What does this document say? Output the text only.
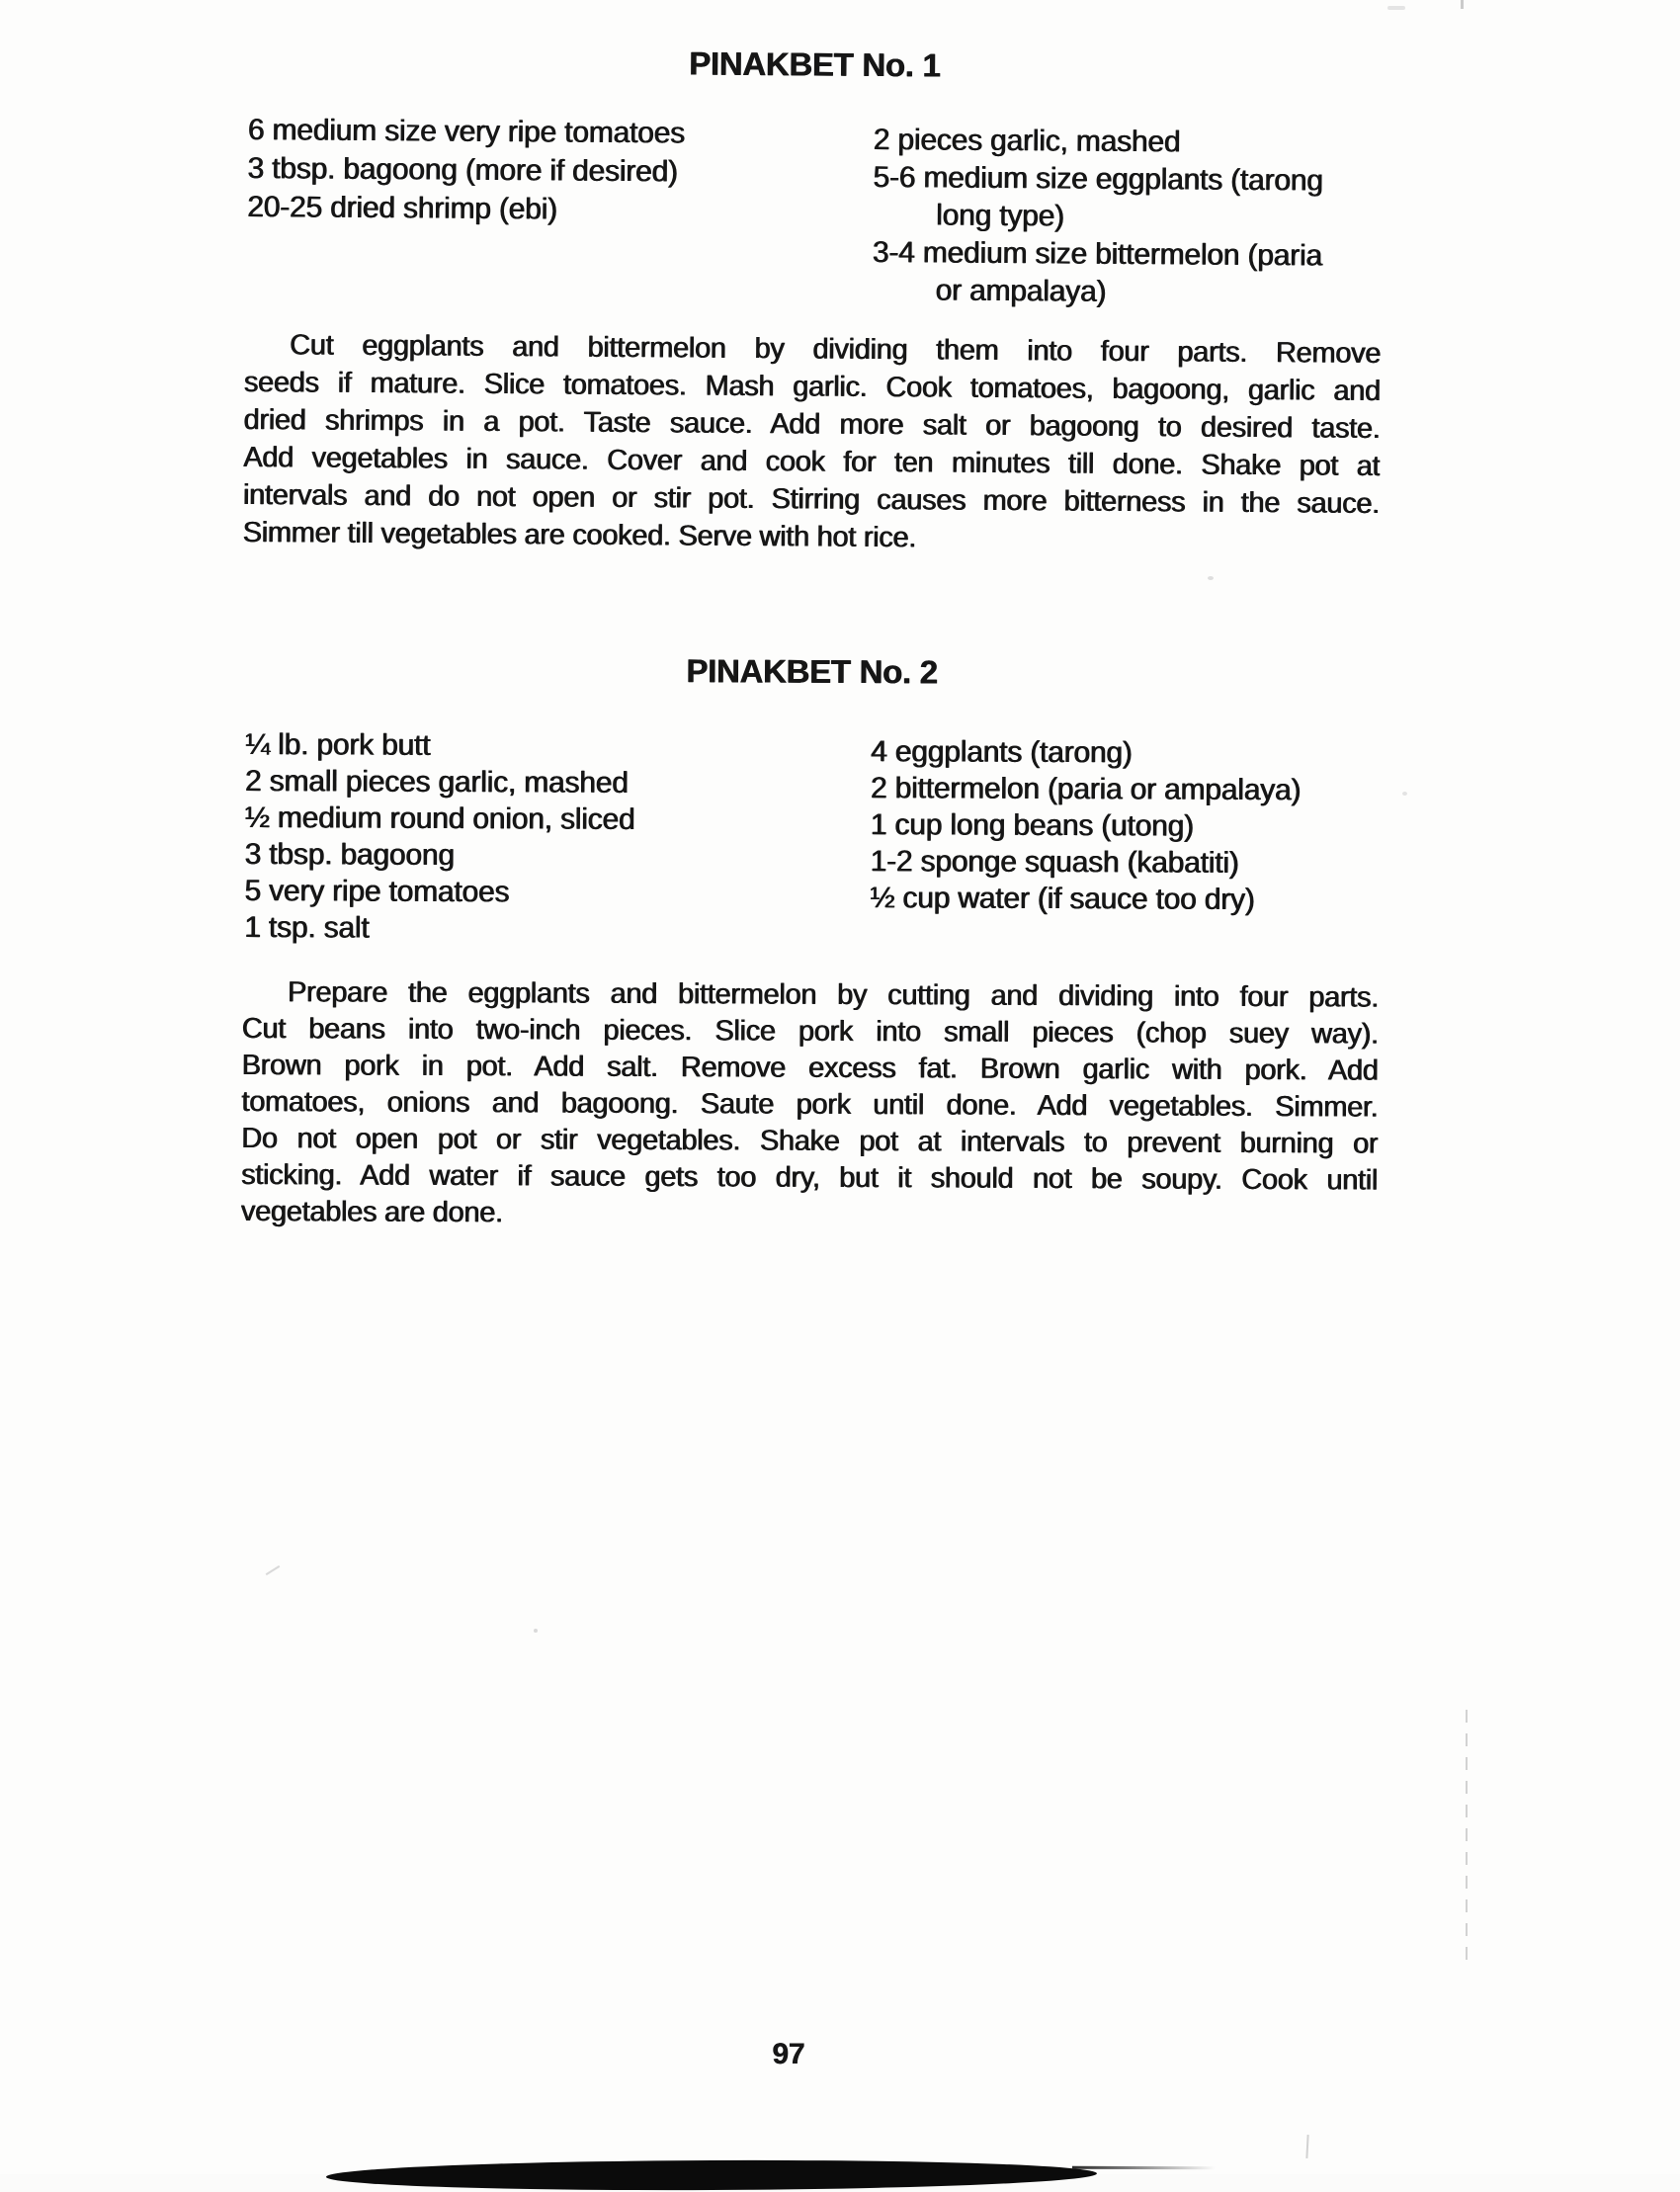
PINAKBET No. 1
6 medium size very ripe tomatoes
3 tbsp. bagoong (more if desired)
20-25 dried shrimp (ebi)
2 pieces garlic, mashed
5-6 medium size eggplants (tarong
long type)
3-4 medium size bittermelon (paria
or ampalaya)
Cut eggplants and bittermelon by dividing them into four parts. Remove
seeds if mature. Slice tomatoes. Mash garlic. Cook tomatoes, bagoong, garlic and
dried shrimps in a pot. Taste sauce. Add more salt or bagoong to desired taste.
Add vegetables in sauce. Cover and cook for ten minutes till done. Shake pot at
intervals and do not open or stir pot. Stirring causes more bitterness in the sauce.
Simmer till vegetables are cooked. Serve with hot rice.
PINAKBET No. 2
¼ lb. pork butt
2 small pieces garlic, mashed
½ medium round onion, sliced
3 tbsp. bagoong
5 very ripe tomatoes
1 tsp. salt
4 eggplants (tarong)
2 bittermelon (paria or ampalaya)
1 cup long beans (utong)
1-2 sponge squash (kabatiti)
½ cup water (if sauce too dry)
Prepare the eggplants and bittermelon by cutting and dividing into four parts.
Cut beans into two-inch pieces. Slice pork into small pieces (chop suey way).
Brown pork in pot. Add salt. Remove excess fat. Brown garlic with pork. Add
tomatoes, onions and bagoong. Saute pork until done. Add vegetables. Simmer.
Do not open pot or stir vegetables. Shake pot at intervals to prevent burning or
sticking. Add water if sauce gets too dry, but it should not be soupy. Cook until
vegetables are done.
97
